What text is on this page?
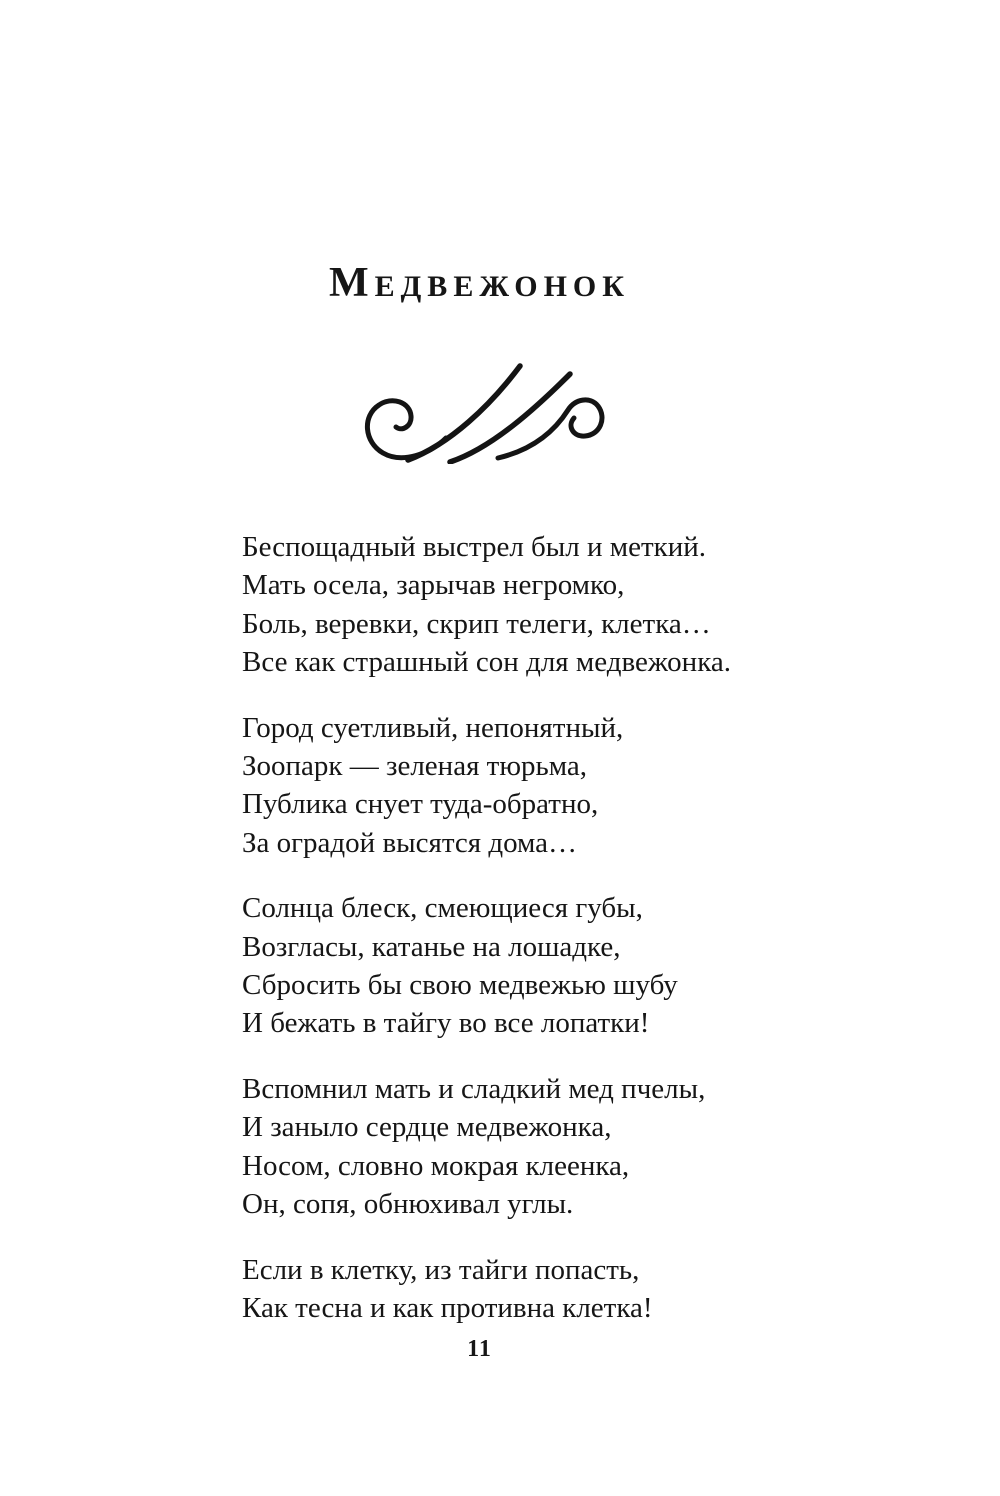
МЕДВЕЖОНОК
Беспощадный выстрел был и меткий.
Мать осела, зарычав негромко,
Боль, веревки, скрип телеги, клетка…
Все как страшный сон для медвежонка.
Город суетливый, непонятный,
Зоопарк — зеленая тюрьма,
Публика снует туда-обратно,
За оградой высятся дома…
Солнца блеск, смеющиеся губы,
Возгласы, катанье на лошадке,
Сбросить бы свою медвежью шубу
И бежать в тайгу во все лопатки!
Вспомнил мать и сладкий мед пчелы,
И заныло сердце медвежонка,
Носом, словно мокрая клеенка,
Он, сопя, обнюхивал углы.
Если в клетку, из тайги попасть,
Как тесна и как противна клетка!
11
